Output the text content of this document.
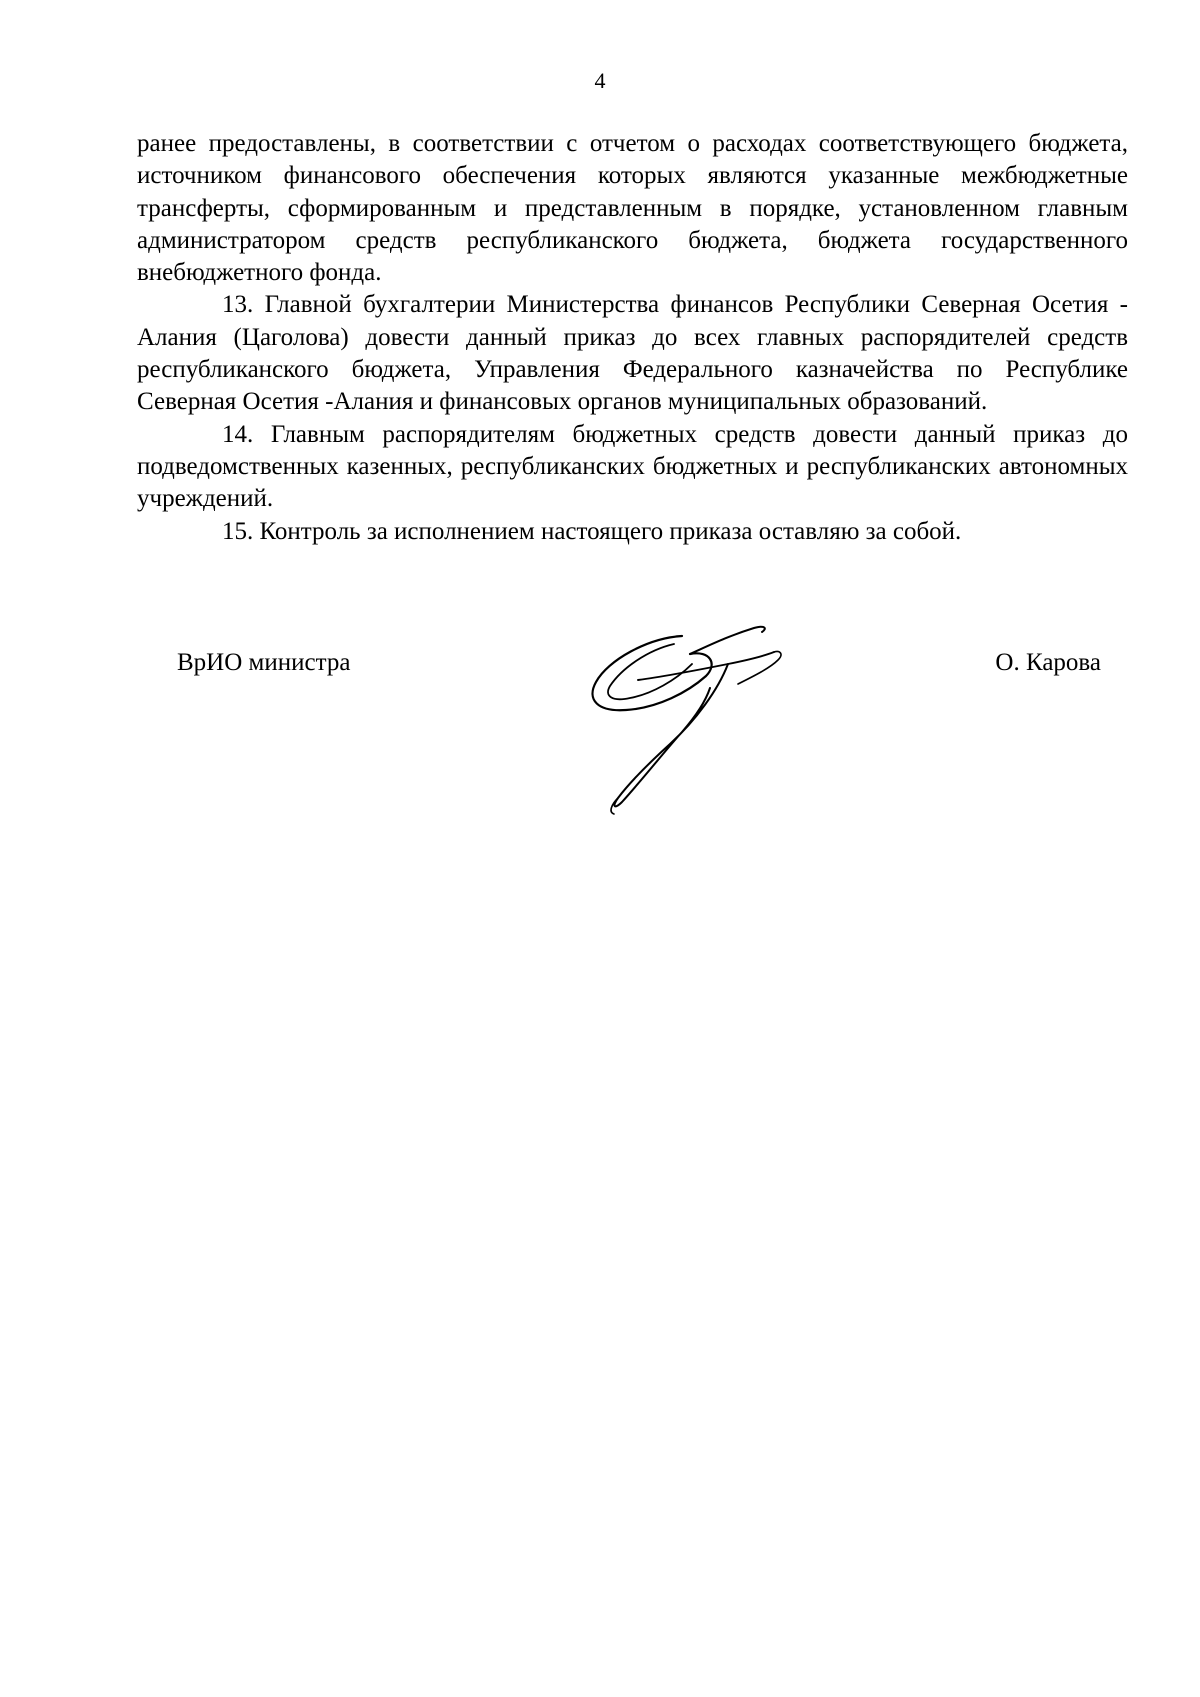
4

ранее предоставлены, в соответствии с отчетом о расходах соответствующего бюджета, источником финансового обеспечения которых являются указанные межбюджетные трансферты, сформированным и представленным в порядке, установленном главным администратором средств республиканского бюджета, бюджета государственного внебюджетного фонда.

13. Главной бухгалтерии Министерства финансов Республики Северная Осетия - Алания (Цаголова) довести данный приказ до всех главных распорядителей средств республиканского бюджета, Управления Федерального казначейства по Республике Северная Осетия -Алания и финансовых органов муниципальных образований.

14. Главным распорядителям бюджетных средств довести данный приказ до подведомственных казенных, республиканских бюджетных и республиканских автономных учреждений.

15. Контроль за исполнением настоящего приказа оставляю за собой.

ВрИО министра	О. Карова
